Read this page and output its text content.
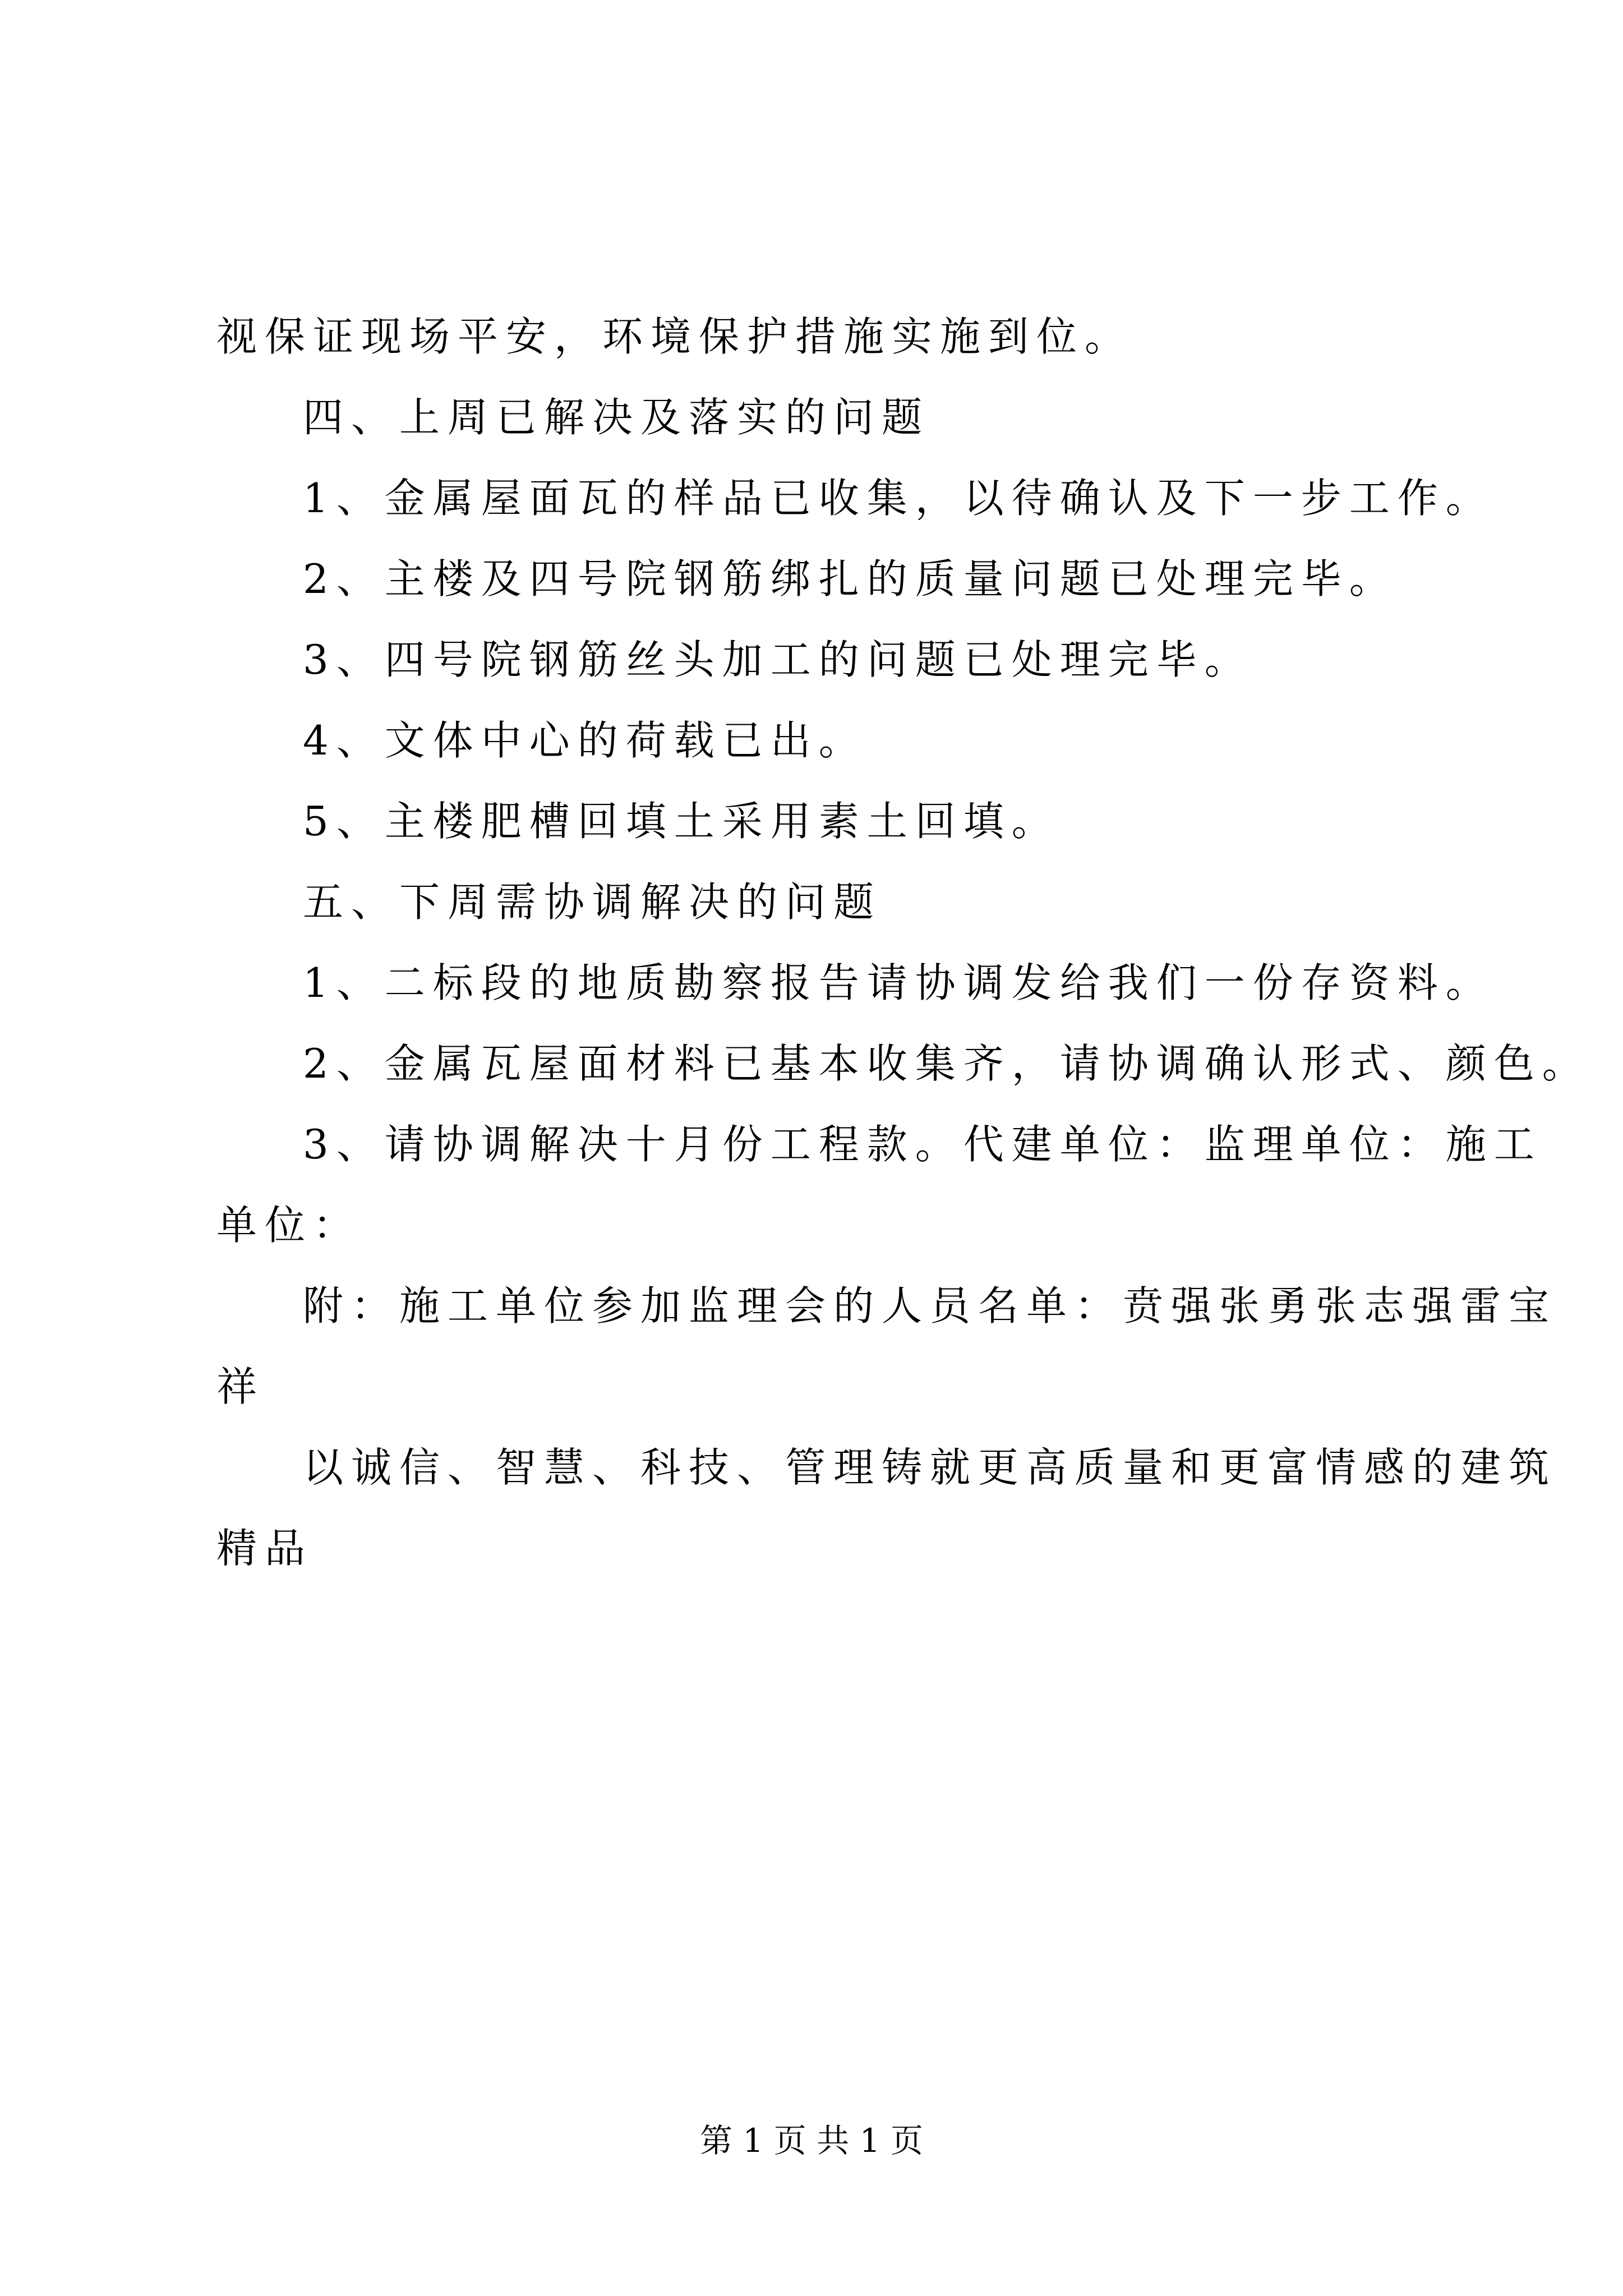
视保证现场平安，环境保护措施实施到位。
四、上周已解决及落实的问题
1、金属屋面瓦的样品已收集，以待确认及下一步工作。
2、主楼及四号院钢筋绑扎的质量问题已处理完毕。
3、四号院钢筋丝头加工的问题已处理完毕。
4、文体中心的荷载已出。
5、主楼肥槽回填土采用素土回填。
五、下周需协调解决的问题
1、二标段的地质勘察报告请协调发给我们一份存资料。
2、金属瓦屋面材料已基本收集齐，请协调确认形式、颜色。
3、请协调解决十月份工程款。代建单位：监理单位：施工
单位：
附：施工单位参加监理会的人员名单：贲强张勇张志强雷宝
祥
以诚信、智慧、科技、管理铸就更高质量和更富情感的建筑
精品
第 1 页 共 1 页
